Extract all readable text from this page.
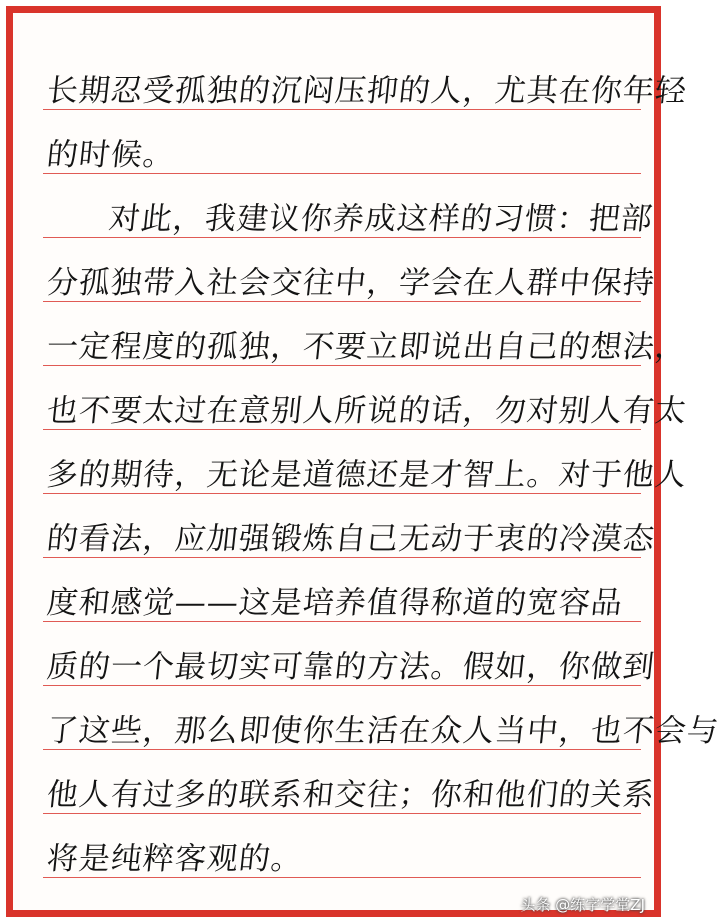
长期忍受孤独的沉闷压抑的人，尤其在你年轻
的时候。
对此，我建议你养成这样的习惯：把部
分孤独带入社会交往中，学会在人群中保持
一定程度的孤独，不要立即说出自己的想法，
也不要太过在意别人所说的话，勿对别人有太
多的期待，无论是道德还是才智上。对于他人
的看法，应加强锻炼自己无动于衷的冷漠态
度和感觉——这是培养值得称道的宽容品
质的一个最切实可靠的方法。假如，你做到
了这些，那么即使你生活在众人当中，也不会与
他人有过多的联系和交往；你和他们的关系
将是纯粹客观的。
头条 @练字学堂ZJ
